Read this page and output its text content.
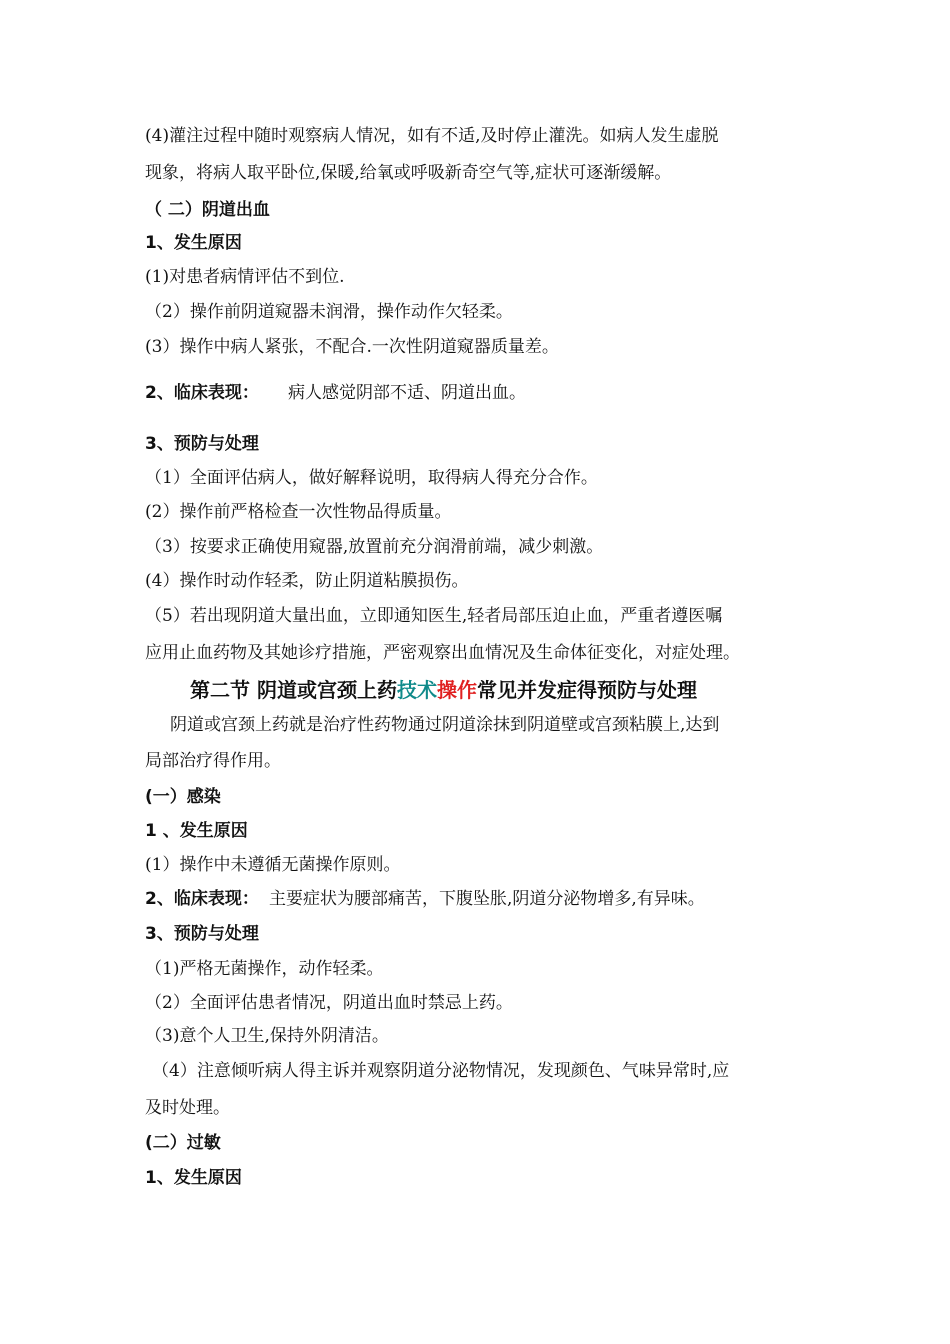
(4)灌注过程中随时观察病人情况，如有不适,及时停止灌洗。如病人发生虚脱
现象，将病人取平卧位,保暖,给氧或呼吸新奇空气等,症状可逐渐缓解。
（ 二）阴道出血
1、发生原因
(1)对患者病情评估不到位.
（2）操作前阴道窥器未润滑，操作动作欠轻柔。
(3）操作中病人紧张，不配合.一次性阴道窥器质量差。
2、临床表现： 病人感觉阴部不适、阴道出血。
3、预防与处理
（1）全面评估病人，做好解释说明，取得病人得充分合作。
(2）操作前严格检查一次性物品得质量。
（3）按要求正确使用窥器,放置前充分润滑前端，减少刺激。
(4）操作时动作轻柔，防止阴道粘膜损伤。
（5）若出现阴道大量出血，立即通知医生,轻者局部压迫止血，严重者遵医嘱
应用止血药物及其她诊疗措施，严密观察出血情况及生命体征变化，对症处理。
第二节 阴道或宫颈上药技术操作常见并发症得预防与处理
阴道或宫颈上药就是治疗性药物通过阴道涂抹到阴道壁或宫颈粘膜上,达到
局部治疗得作用。
(一）感染
1 、发生原因
(1）操作中未遵循无菌操作原则。
2、临床表现： 主要症状为腰部痛苦，下腹坠胀,阴道分泌物增多,有异味。
3、预防与处理
（1)严格无菌操作，动作轻柔。
（2）全面评估患者情况，阴道出血时禁忌上药。
（3)意个人卫生,保持外阴清洁。
（4）注意倾听病人得主诉并观察阴道分泌物情况，发现颜色、气味异常时,应
及时处理。
(二）过敏
1、发生原因
